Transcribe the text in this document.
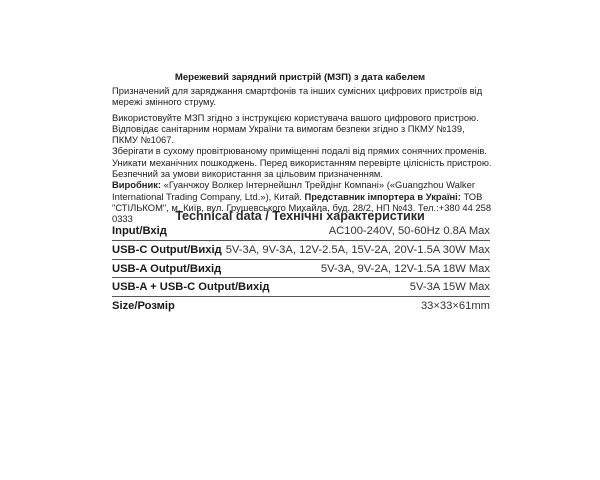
Мережевий зарядний пристрій (МЗП) з дата кабелем

Призначений для заряджання смартфонів та інших сумісних цифрових пристроїв від мережі змінного струму.

Використовуйте МЗП згідно з інструкцією користувача вашого цифрового пристрою.

Відповідає санітарним нормам України та вимогам безпеки згідно з ПКМУ №139, ПКМУ №1067.

Зберігати в сухому провітрюваному приміщенні подалі від прямих сонячних променів.

Уникати механічних пошкоджень. Перед використанням перевірте цілісність пристрою.

Безпечний за умови використання за цільовим призначенням.

Виробник: «Гуанчжоу Волкер Інтернейшнл Трейдінг Компані» («Guangzhou Walker International Trading Company, Ltd.»), Китай. Представник імпортера в Україні: ТОВ "СТІЛЬКОМ", м. Київ, вул. Грушевського Михайла, буд. 28/2, НП №43. Тел.:+380 44 258 0333	Technical data / Технічні характеристики
Input/Вхід	AC100-240V, 50-60Hz 0.8A Max
USB-C Output/Вихід 5V-3A, 9V-3A, 12V-2.5A, 15V-2A, 20V-1.5A 30W Max
USB-A Output/Вихід	5V-3A, 9V-2A, 12V-1.5A 18W Max
USB-A + USB-C Output/Вихід	5V-3A 15W Max
Size/Розмір	33×33×61mm
